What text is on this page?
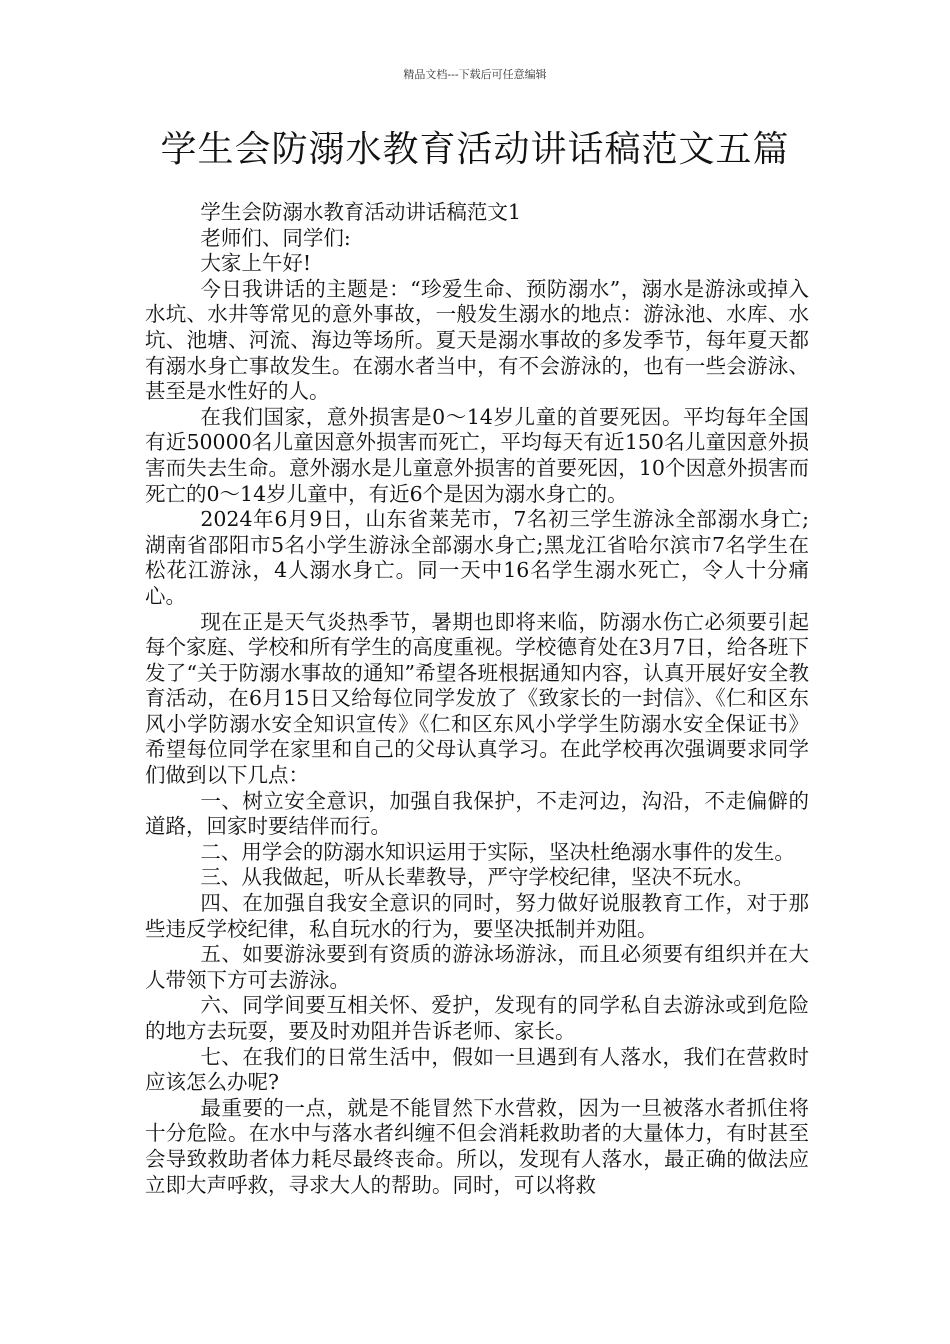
精品文档---下载后可任意编辑
学生会防溺水教育活动讲话稿范文五篇

学生会防溺水教育活动讲话稿范文1

老师们、同学们:

大家上午好!

今日我讲话的主题是：“珍爱生命、预防溺水”，溺水是游泳或掉入水坑、水井等常见的意外事故，一般发生溺水的地点：游泳池、水库、水坑、池塘、河流、海边等场所。夏天是溺水事故的多发季节，每年夏天都有溺水身亡事故发生。在溺水者当中，有不会游泳的，也有一些会游泳、甚至是水性好的人。

在我们国家，意外损害是0～14岁儿童的首要死因。平均每年全国有近50000名儿童因意外损害而死亡，平均每天有近150名儿童因意外损害而失去生命。意外溺水是儿童意外损害的首要死因，10个因意外损害而死亡的0～14岁儿童中，有近6个是因为溺水身亡的。

2024年6月9日，山东省莱芜市，7名初三学生游泳全部溺水身亡;湖南省邵阳市5名小学生游泳全部溺水身亡;黑龙江省哈尔滨市7名学生在松花江游泳，4人溺水身亡。同一天中16名学生溺水死亡，令人十分痛心。

现在正是天气炎热季节，暑期也即将来临，防溺水伤亡必须要引起每个家庭、学校和所有学生的高度重视。学校德育处在3月7日，给各班下发了“关于防溺水事故的通知”希望各班根据通知内容，认真开展好安全教育活动，在6月15日又给每位同学发放了《致家长的一封信》、《仁和区东风小学防溺水安全知识宣传》《仁和区东风小学学生防溺水安全保证书》希望每位同学在家里和自己的父母认真学习。在此学校再次强调要求同学们做到以下几点：

一、树立安全意识，加强自我保护，不走河边，沟沿，不走偏僻的道路，回家时要结伴而行。

二、用学会的防溺水知识运用于实际，坚决杜绝溺水事件的发生。

三、从我做起，听从长辈教导，严守学校纪律，坚决不玩水。

四、在加强自我安全意识的同时，努力做好说服教育工作，对于那些违反学校纪律，私自玩水的行为，要坚决抵制并劝阻。

五、如要游泳要到有资质的游泳场游泳，而且必须要有组织并在大人带领下方可去游泳。

六、同学间要互相关怀、爱护，发现有的同学私自去游泳或到危险的地方去玩耍，要及时劝阻并告诉老师、家长。

七、在我们的日常生活中，假如一旦遇到有人落水，我们在营救时应该怎么办呢?

最重要的一点，就是不能冒然下水营救，因为一旦被落水者抓住将十分危险。在水中与落水者纠缠不但会消耗救助者的大量体力，有时甚至会导致救助者体力耗尽最终丧命。所以，发现有人落水，最正确的做法应立即大声呼救，寻求大人的帮助。同时，可以将救
